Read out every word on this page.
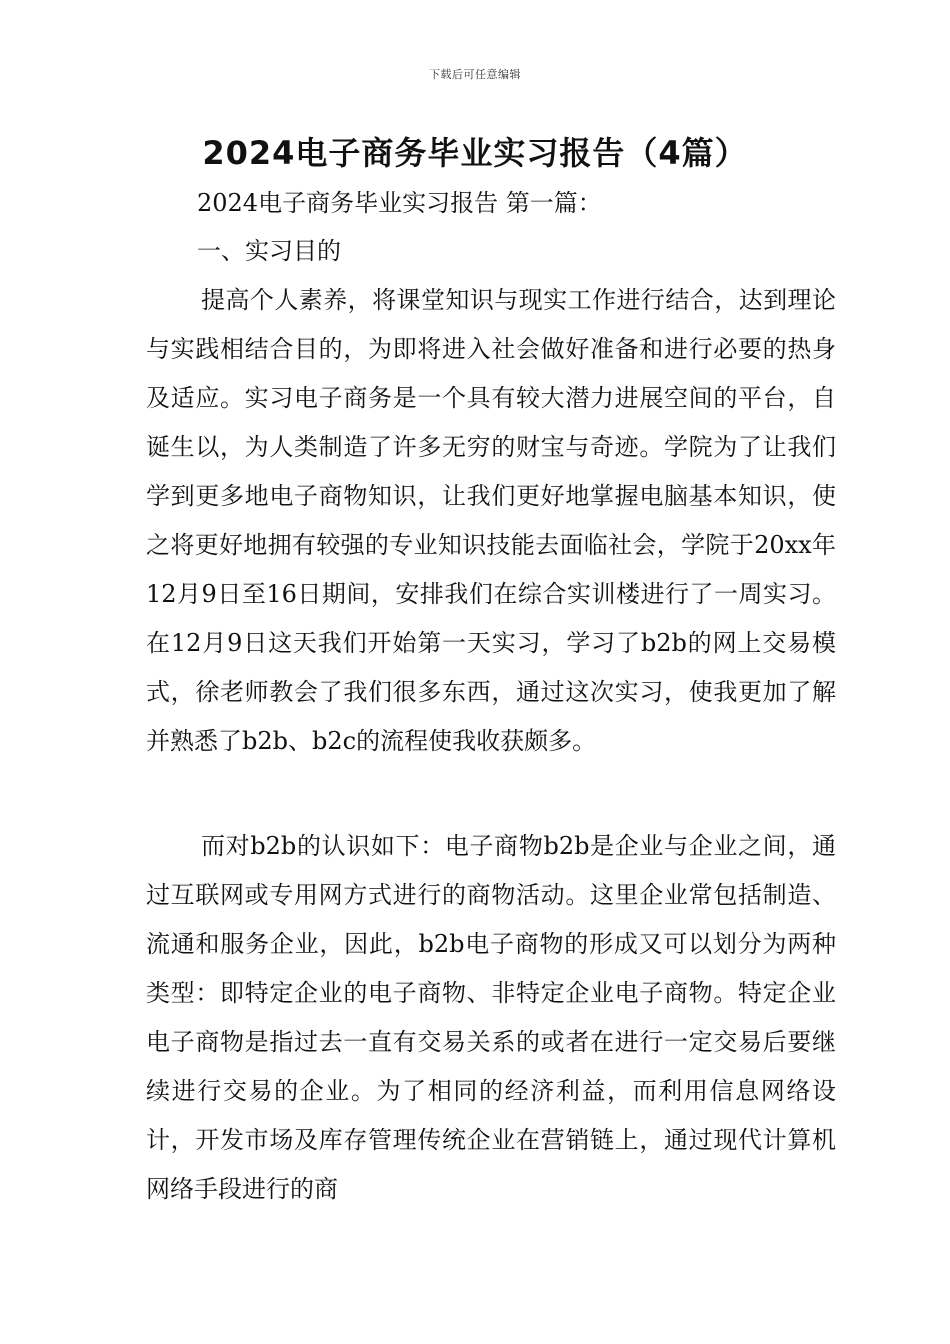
下载后可任意编辑
2024电子商务毕业实习报告（4篇）
2024电子商务毕业实习报告 第一篇：
一、实习目的

提高个人素养，将课堂知识与现实工作进行结合，达到理论与实践相结合目的，为即将进入社会做好准备和进行必要的热身及适应。实习电子商务是一个具有较大潜力进展空间的平台，自诞生以，为人类制造了许多无穷的财宝与奇迹。学院为了让我们学到更多地电子商物知识，让我们更好地掌握电脑基本知识，使之将更好地拥有较强的专业知识技能去面临社会，学院于20xx年12月9日至16日期间，安排我们在综合实训楼进行了一周实习。在12月9日这天我们开始第一天实习，学习了b2b的网上交易模式，徐老师教会了我们很多东西，通过这次实习，使我更加了解并熟悉了b2b、b2c的流程使我收获颇多。

而对b2b的认识如下：电子商物b2b是企业与企业之间，通过互联网或专用网方式进行的商物活动。这里企业常包括制造、流通和服务企业，因此，b2b电子商物的形成又可以划分为两种类型：即特定企业的电子商物、非特定企业电子商物。特定企业电子商物是指过去一直有交易关系的或者在进行一定交易后要继续进行交易的企业。为了相同的经济利益，而利用信息网络设计，开发市场及库存管理传统企业在营销链上，通过现代计算机网络手段进行的商
